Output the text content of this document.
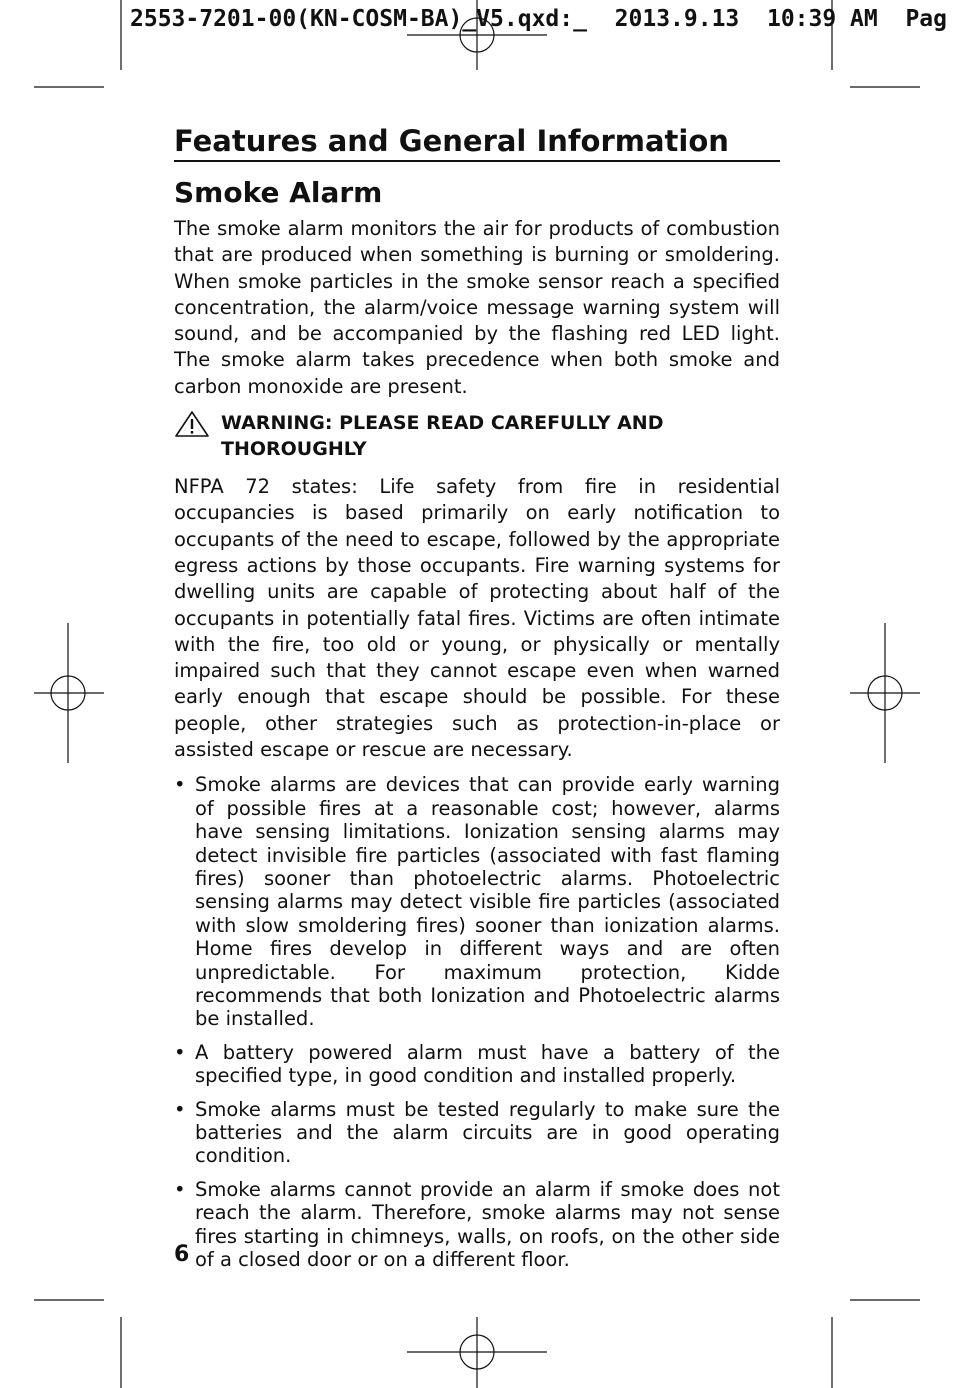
2553-7201-00(KN-COSM-BA)_V5.qxd:_  2013.9.13  10:39 AM  Pag
Features and General Information
Smoke Alarm

The smoke alarm monitors the air for products of combustion that are produced when something is burning or smoldering. When smoke particles in the smoke sensor reach a specified concentration, the alarm/voice message warning system will sound, and be accompanied by the flashing red LED light. The smoke alarm takes precedence when both smoke and carbon monoxide are present.

WARNING: PLEASE READ CAREFULLY AND THOROUGHLY

NFPA 72 states: Life safety from fire in residential occupancies is based primarily on early notification to occupants of the need to escape, followed by the appropriate egress actions by those occupants. Fire warning systems for dwelling units are capable of protecting about half of the occupants in potentially fatal fires. Victims are often intimate with the fire, too old or young, or physically or mentally impaired such that they cannot escape even when warned early enough that escape should be possible. For these people, other strategies such as protection-in-place or assisted escape or rescue are necessary.

• Smoke alarms are devices that can provide early warning of possible fires at a reasonable cost; however, alarms have sensing limitations. Ionization sensing alarms may detect invisible fire particles (associated with fast flaming fires) sooner than photoelectric alarms. Photoelectric sensing alarms may detect visible fire particles (associated with slow smoldering fires) sooner than ionization alarms. Home fires develop in different ways and are often unpredictable. For maximum protection, Kidde recommends that both Ionization and Photoelectric alarms be installed.
• A battery powered alarm must have a battery of the specified type, in good condition and installed properly.
• Smoke alarms must be tested regularly to make sure the batteries and the alarm circuits are in good operating condition.
• Smoke alarms cannot provide an alarm if smoke does not reach the alarm. Therefore, smoke alarms may not sense fires starting in chimneys, walls, on roofs, on the other side of a closed door or on a different floor.
6
